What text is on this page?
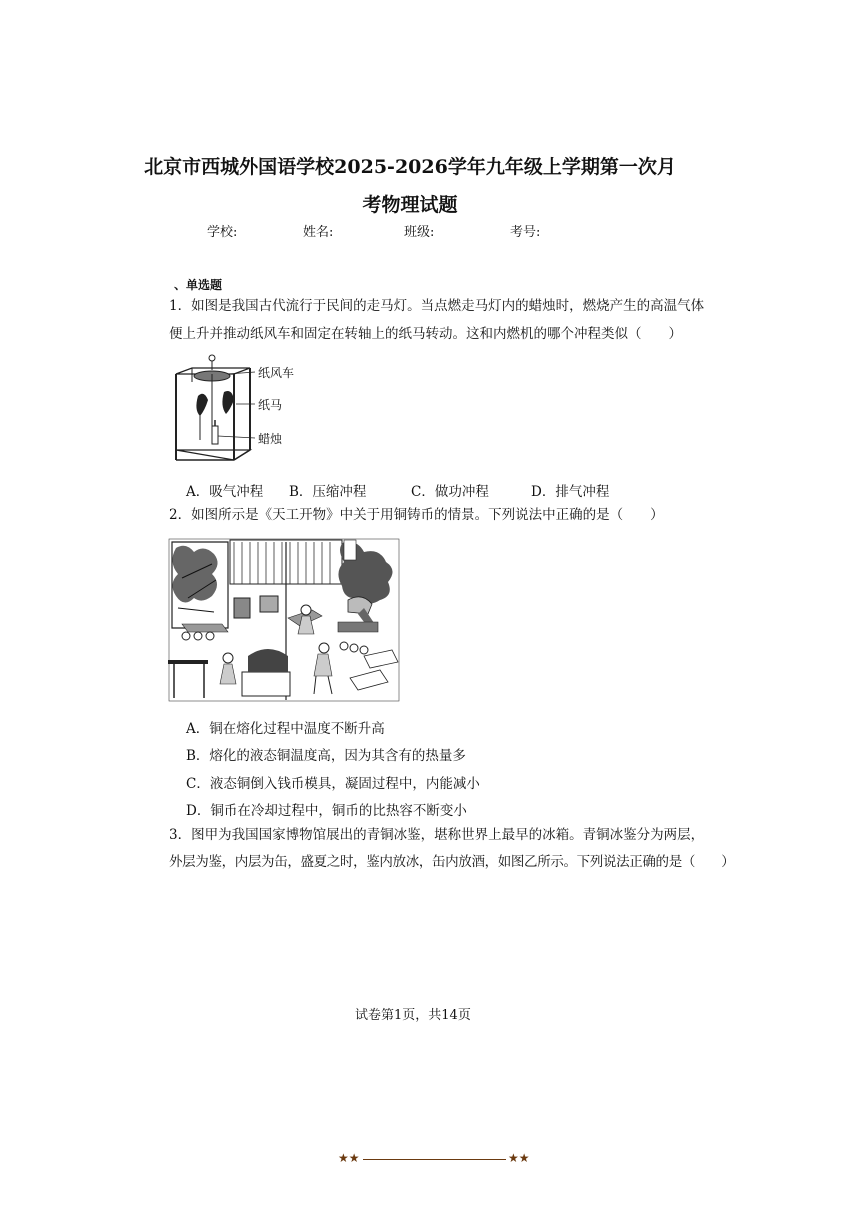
北京市西城外国语学校2025-2026学年九年级上学期第一次月
考物理试题
学校:	姓名:	班级:	考号:
、单选题
1．如图是我国古代流行于民间的走马灯。当点燃走马灯内的蜡烛时，燃烧产生的高温气体
便上升并推动纸风车和固定在转轴上的纸马转动。这和内燃机的哪个冲程类似（　　）
纸风车
纸马
蜡烛
A．吸气冲程 B．压缩冲程	C．做功冲程	D．排气冲程
2．如图所示是《天工开物》中关于用铜铸币的情景。下列说法中正确的是（　　）
A．铜在熔化过程中温度不断升高
B．熔化的液态铜温度高，因为其含有的热量多
C．液态铜倒入钱币模具，凝固过程中，内能减小
D．铜币在冷却过程中，铜币的比热容不断变小
3．图甲为我国国家博物馆展出的青铜冰鉴，堪称世界上最早的冰箱。青铜冰鉴分为两层，
外层为鉴，内层为缶，盛夏之时，鉴内放冰，缶内放酒，如图乙所示。下列说法正确的是（　　）
试卷第1页，共14页
★★	★★
